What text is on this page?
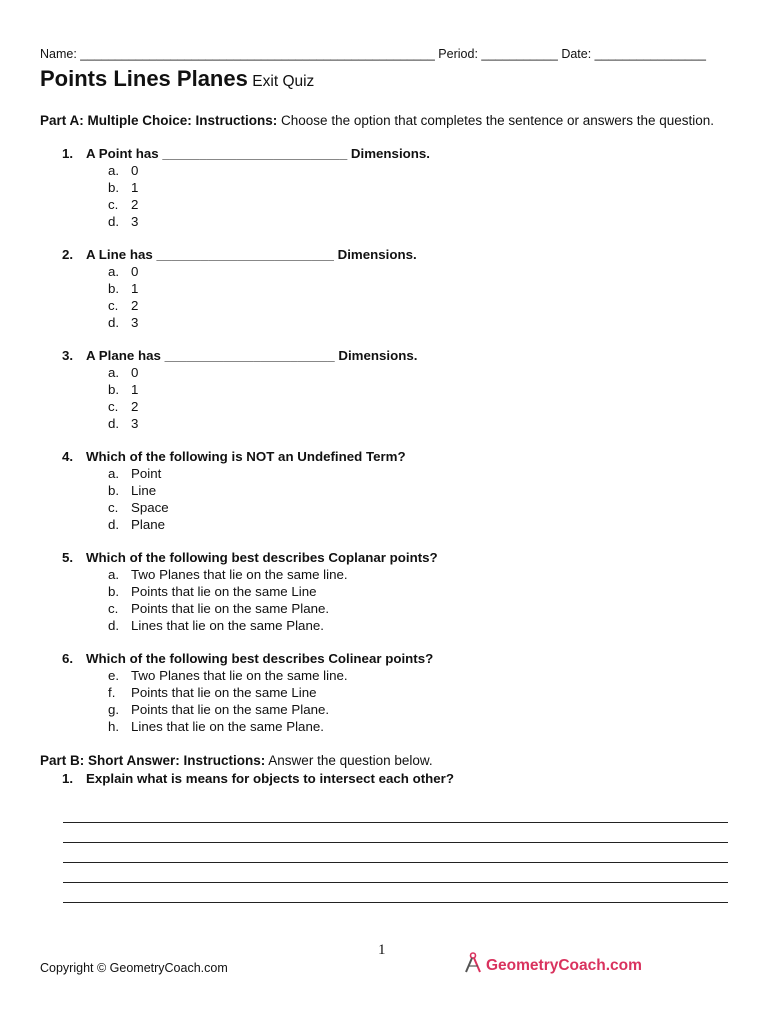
Name: ___________________________________________________ Period: ___________ Date: ________________
Points Lines Planes Exit Quiz
Part A: Multiple Choice: Instructions: Choose the option that completes the sentence or answers the question.
1. A Point has _________________________ Dimensions.
a. 0
b. 1
c. 2
d. 3
2. A Line has ________________________ Dimensions.
a. 0
b. 1
c. 2
d. 3
3. A Plane has _______________________ Dimensions.
a. 0
b. 1
c. 2
d. 3
4. Which of the following is NOT an Undefined Term?
a. Point
b. Line
c. Space
d. Plane
5. Which of the following best describes Coplanar points?
a. Two Planes that lie on the same line.
b. Points that lie on the same Line
c. Points that lie on the same Plane.
d. Lines that lie on the same Plane.
6. Which of the following best describes Colinear points?
e. Two Planes that lie on the same line.
f. Points that lie on the same Line
g. Points that lie on the same Plane.
h. Lines that lie on the same Plane.
Part B: Short Answer: Instructions: Answer the question below.
1. Explain what is means for objects to intersect each other?
1
Copyright © GeometryCoach.com	GeometryCoach.com
